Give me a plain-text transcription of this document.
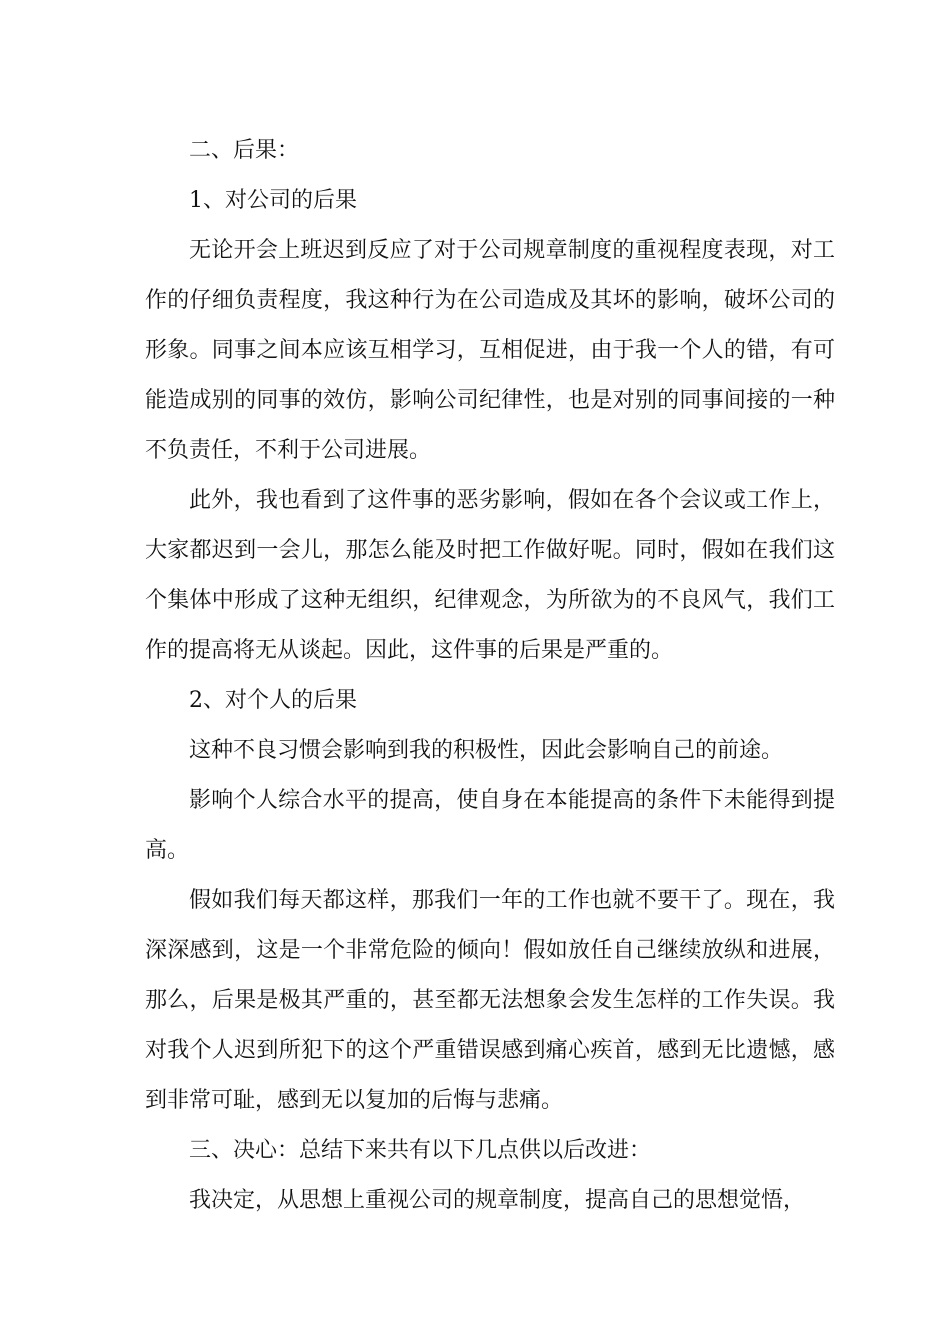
二、后果：

1、对公司的后果

无论开会上班迟到反应了对于公司规章制度的重视程度表现，对工作的仔细负责程度，我这种行为在公司造成及其坏的影响，破坏公司的形象。同事之间本应该互相学习，互相促进，由于我一个人的错，有可能造成别的同事的效仿，影响公司纪律性，也是对别的同事间接的一种不负责任，不利于公司进展。

此外，我也看到了这件事的恶劣影响，假如在各个会议或工作上，大家都迟到一会儿，那怎么能及时把工作做好呢。同时，假如在我们这个集体中形成了这种无组织，纪律观念，为所欲为的不良风气，我们工作的提高将无从谈起。因此，这件事的后果是严重的。

2、对个人的后果

这种不良习惯会影响到我的积极性，因此会影响自己的前途。

影响个人综合水平的提高，使自身在本能提高的条件下未能得到提高。

假如我们每天都这样，那我们一年的工作也就不要干了。现在，我深深感到，这是一个非常危险的倾向！假如放任自己继续放纵和进展，那么，后果是极其严重的，甚至都无法想象会发生怎样的工作失误。我对我个人迟到所犯下的这个严重错误感到痛心疾首，感到无比遗憾，感到非常可耻，感到无以复加的后悔与悲痛。

三、决心：总结下来共有以下几点供以后改进：

我决定，从思想上重视公司的规章制度，提高自己的思想觉悟，
